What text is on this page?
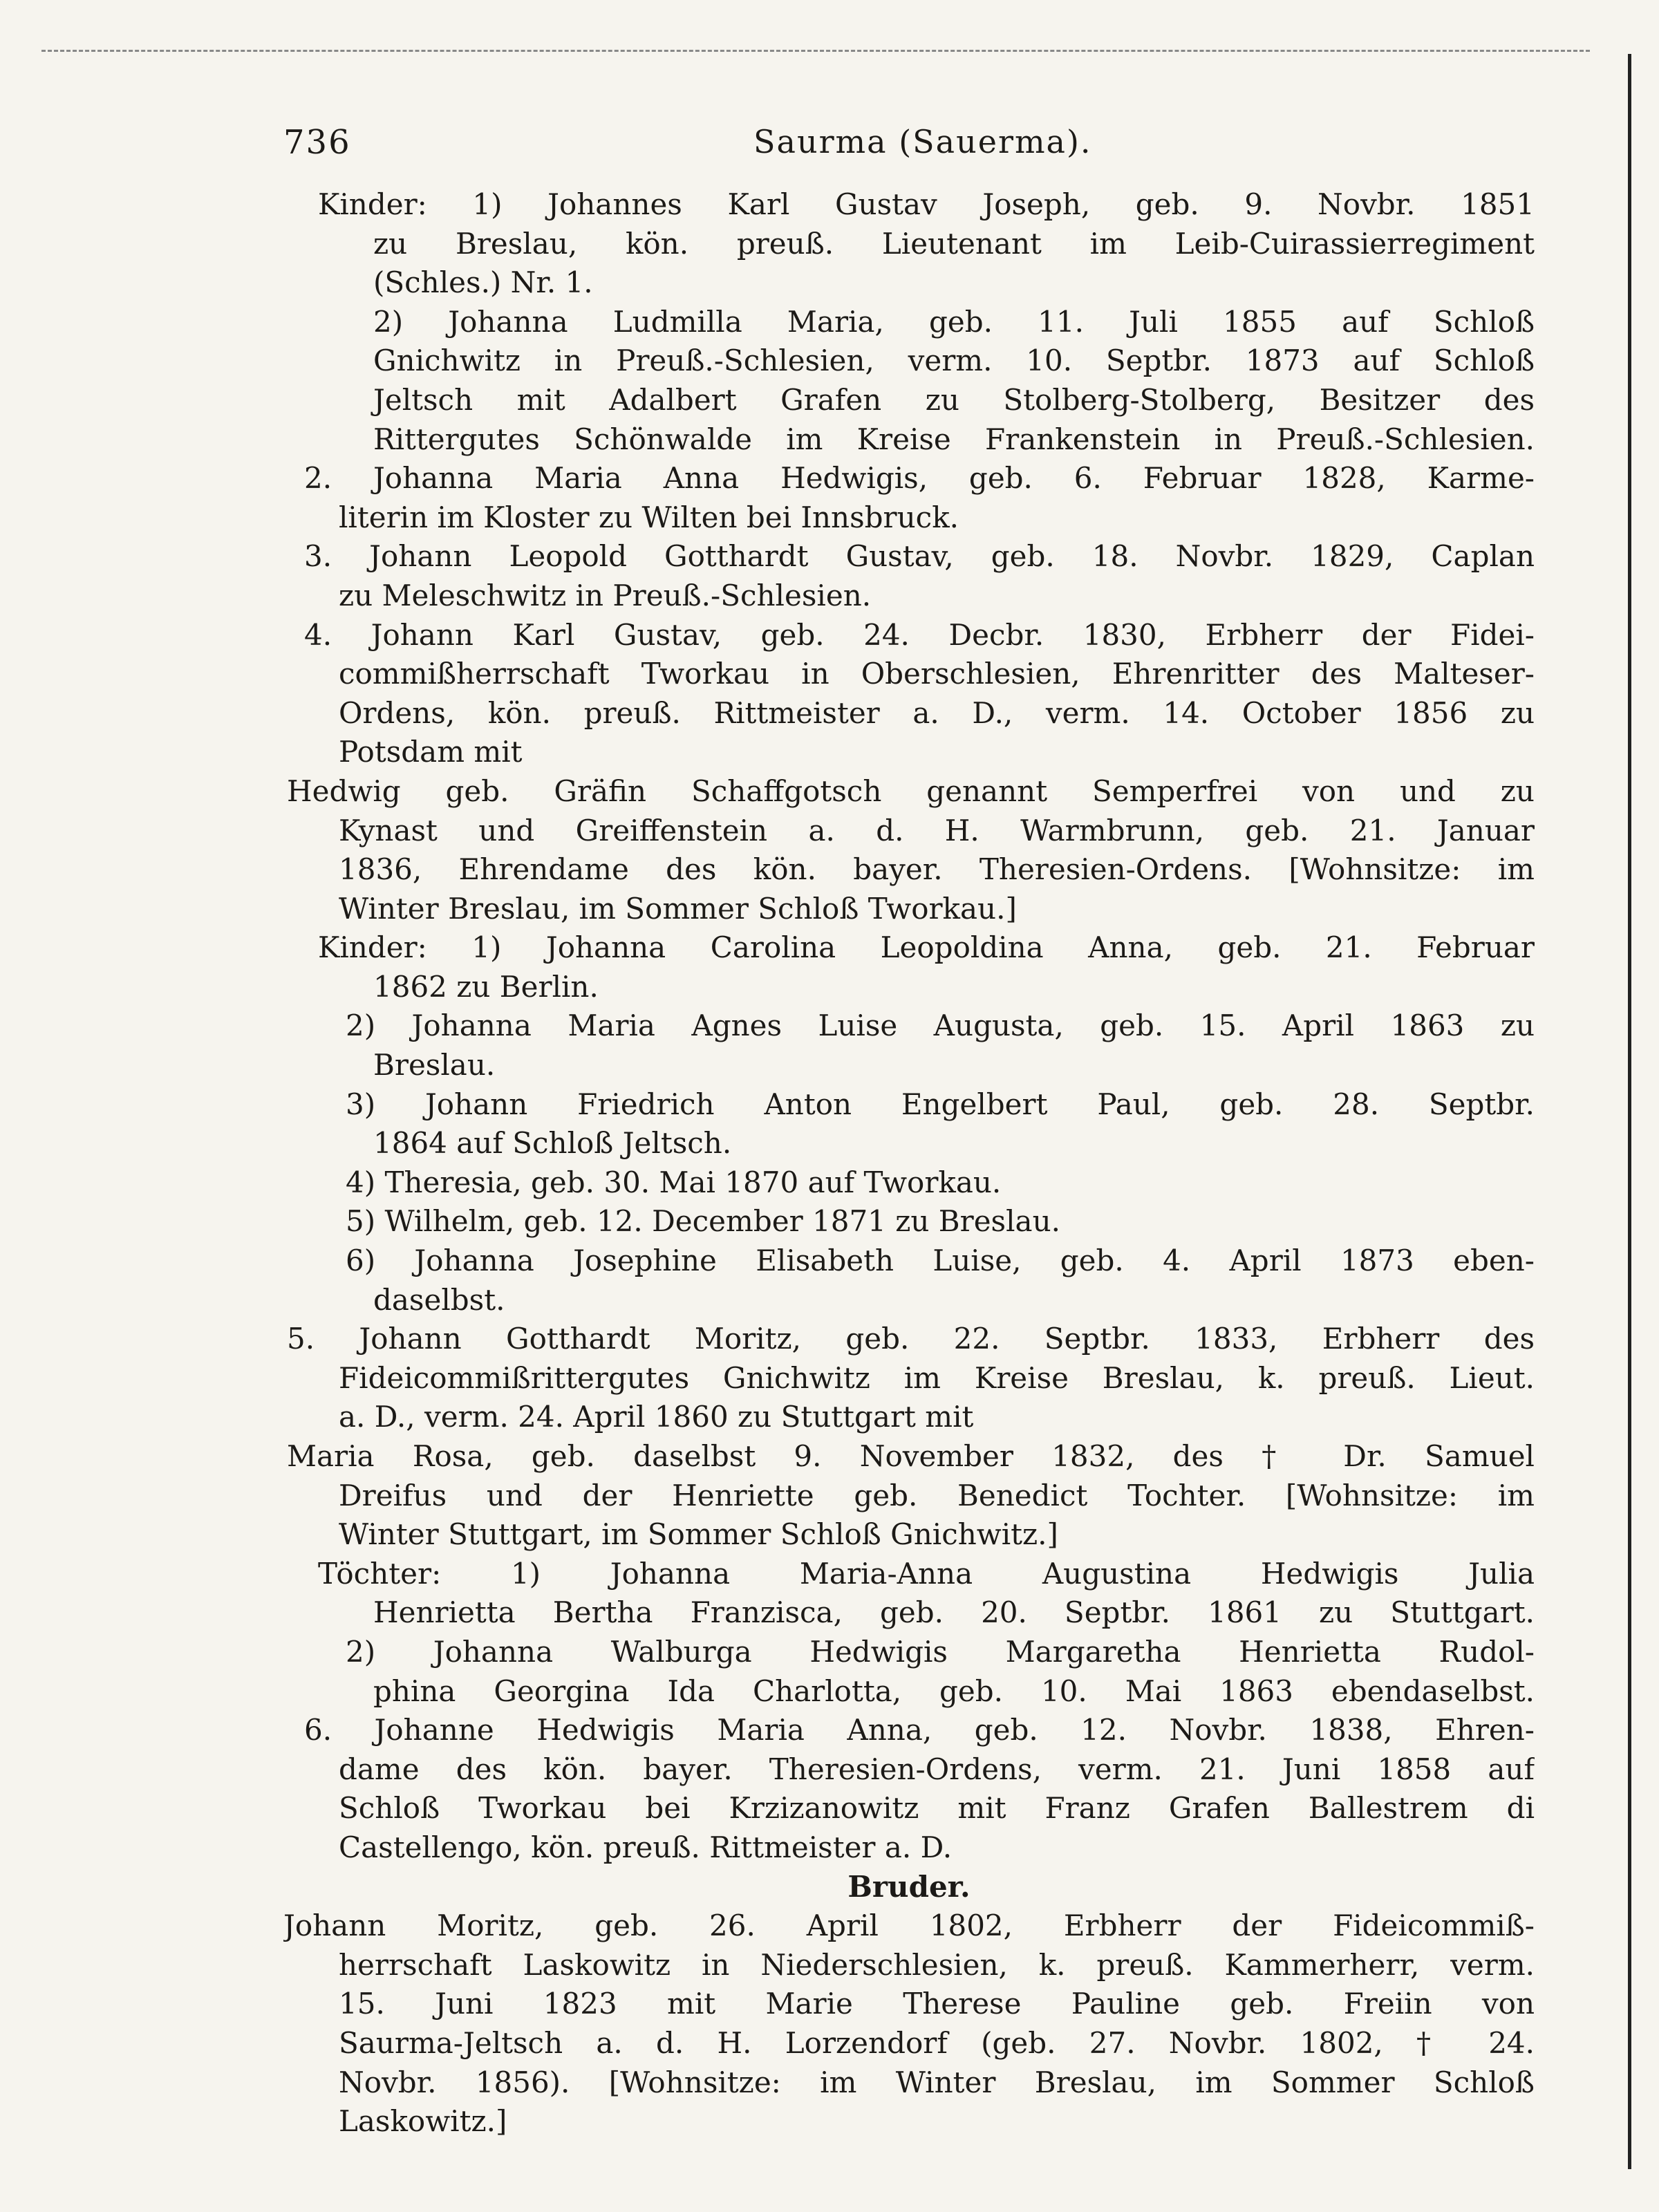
736	Saurma (Sauerma).
Kinder: 1) Johannes Karl Gustav Joseph, geb. 9. Novbr. 1851
zu Breslau, kön. preuß. Lieutenant im Leib-Cuirassierregiment
(Schles.) Nr. 1.
2) Johanna Ludmilla Maria, geb. 11. Juli 1855 auf Schloß
Gnichwitz in Preuß.-Schlesien, verm. 10. Septbr. 1873 auf Schloß
Jeltsch mit Adalbert Grafen zu Stolberg-Stolberg, Besitzer des
Rittergutes Schönwalde im Kreise Frankenstein in Preuß.-Schlesien.
2. Johanna Maria Anna Hedwigis, geb. 6. Februar 1828, Karme-
literin im Kloster zu Wilten bei Innsbruck.
3. Johann Leopold Gotthardt Gustav, geb. 18. Novbr. 1829, Caplan
zu Meleschwitz in Preuß.-Schlesien.
4. Johann Karl Gustav, geb. 24. Decbr. 1830, Erbherr der Fidei-
commißherrschaft Tworkau in Oberschlesien, Ehrenritter des Malteser-
Ordens, kön. preuß. Rittmeister a. D., verm. 14. October 1856 zu
Potsdam mit
Hedwig geb. Gräfin Schaffgotsch genannt Semperfrei von und zu
Kynast und Greiffenstein a. d. H. Warmbrunn, geb. 21. Januar
1836, Ehrendame des kön. bayer. Theresien-Ordens. [Wohnsitze: im
Winter Breslau, im Sommer Schloß Tworkau.]
Kinder: 1) Johanna Carolina Leopoldina Anna, geb. 21. Februar
1862 zu Berlin.
2) Johanna Maria Agnes Luise Augusta, geb. 15. April 1863 zu
Breslau.
3) Johann Friedrich Anton Engelbert Paul, geb. 28. Septbr.
1864 auf Schloß Jeltsch.
4) Theresia, geb. 30. Mai 1870 auf Tworkau.
5) Wilhelm, geb. 12. December 1871 zu Breslau.
6) Johanna Josephine Elisabeth Luise, geb. 4. April 1873 eben-
daselbst.
5. Johann Gotthardt Moritz, geb. 22. Septbr. 1833, Erbherr des
Fideicommißrittergutes Gnichwitz im Kreise Breslau, k. preuß. Lieut.
a. D., verm. 24. April 1860 zu Stuttgart mit
Maria Rosa, geb. daselbst 9. November 1832, des † Dr. Samuel
Dreifus und der Henriette geb. Benedict Tochter. [Wohnsitze: im
Winter Stuttgart, im Sommer Schloß Gnichwitz.]
Töchter: 1) Johanna Maria-Anna Augustina Hedwigis Julia
Henrietta Bertha Franzisca, geb. 20. Septbr. 1861 zu Stuttgart.
2) Johanna Walburga Hedwigis Margaretha Henrietta Rudol-
phina Georgina Ida Charlotta, geb. 10. Mai 1863 ebendaselbst.
6. Johanne Hedwigis Maria Anna, geb. 12. Novbr. 1838, Ehren-
dame des kön. bayer. Theresien-Ordens, verm. 21. Juni 1858 auf
Schloß Tworkau bei Krzizanowitz mit Franz Grafen Ballestrem di
Castellengo, kön. preuß. Rittmeister a. D.
Bruder.
Johann Moritz, geb. 26. April 1802, Erbherr der Fideicommiß-
herrschaft Laskowitz in Niederschlesien, k. preuß. Kammerherr, verm.
15. Juni 1823 mit Marie Therese Pauline geb. Freiin von
Saurma-Jeltsch a. d. H. Lorzendorf (geb. 27. Novbr. 1802, † 24.
Novbr. 1856). [Wohnsitze: im Winter Breslau, im Sommer Schloß
Laskowitz.]
